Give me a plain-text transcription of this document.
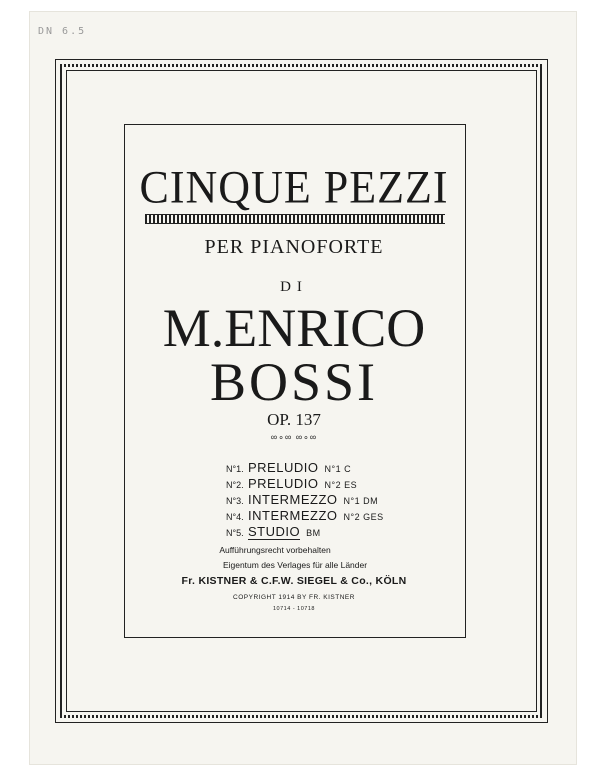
DN 6.5
CINQUE PEZZI
PER PIANOFORTE
DI
M.ENRICO
BOSSI
OP. 137
∞∘∞ ∞∘∞
N°1. PRELUDIO N°1 C
N°2. PRELUDIO N°2 ES
N°3. INTERMEZZO N°1 DM
N°4. INTERMEZZO N°2 GES
N°5. STUDIO BM
Aufführungsrecht vorbehalten
Eigentum des Verlages für alle Länder
Fr. KISTNER & C.F.W. SIEGEL & Co., KÖLN
COPYRIGHT 1914 BY FR. KISTNER
10714 - 10718
